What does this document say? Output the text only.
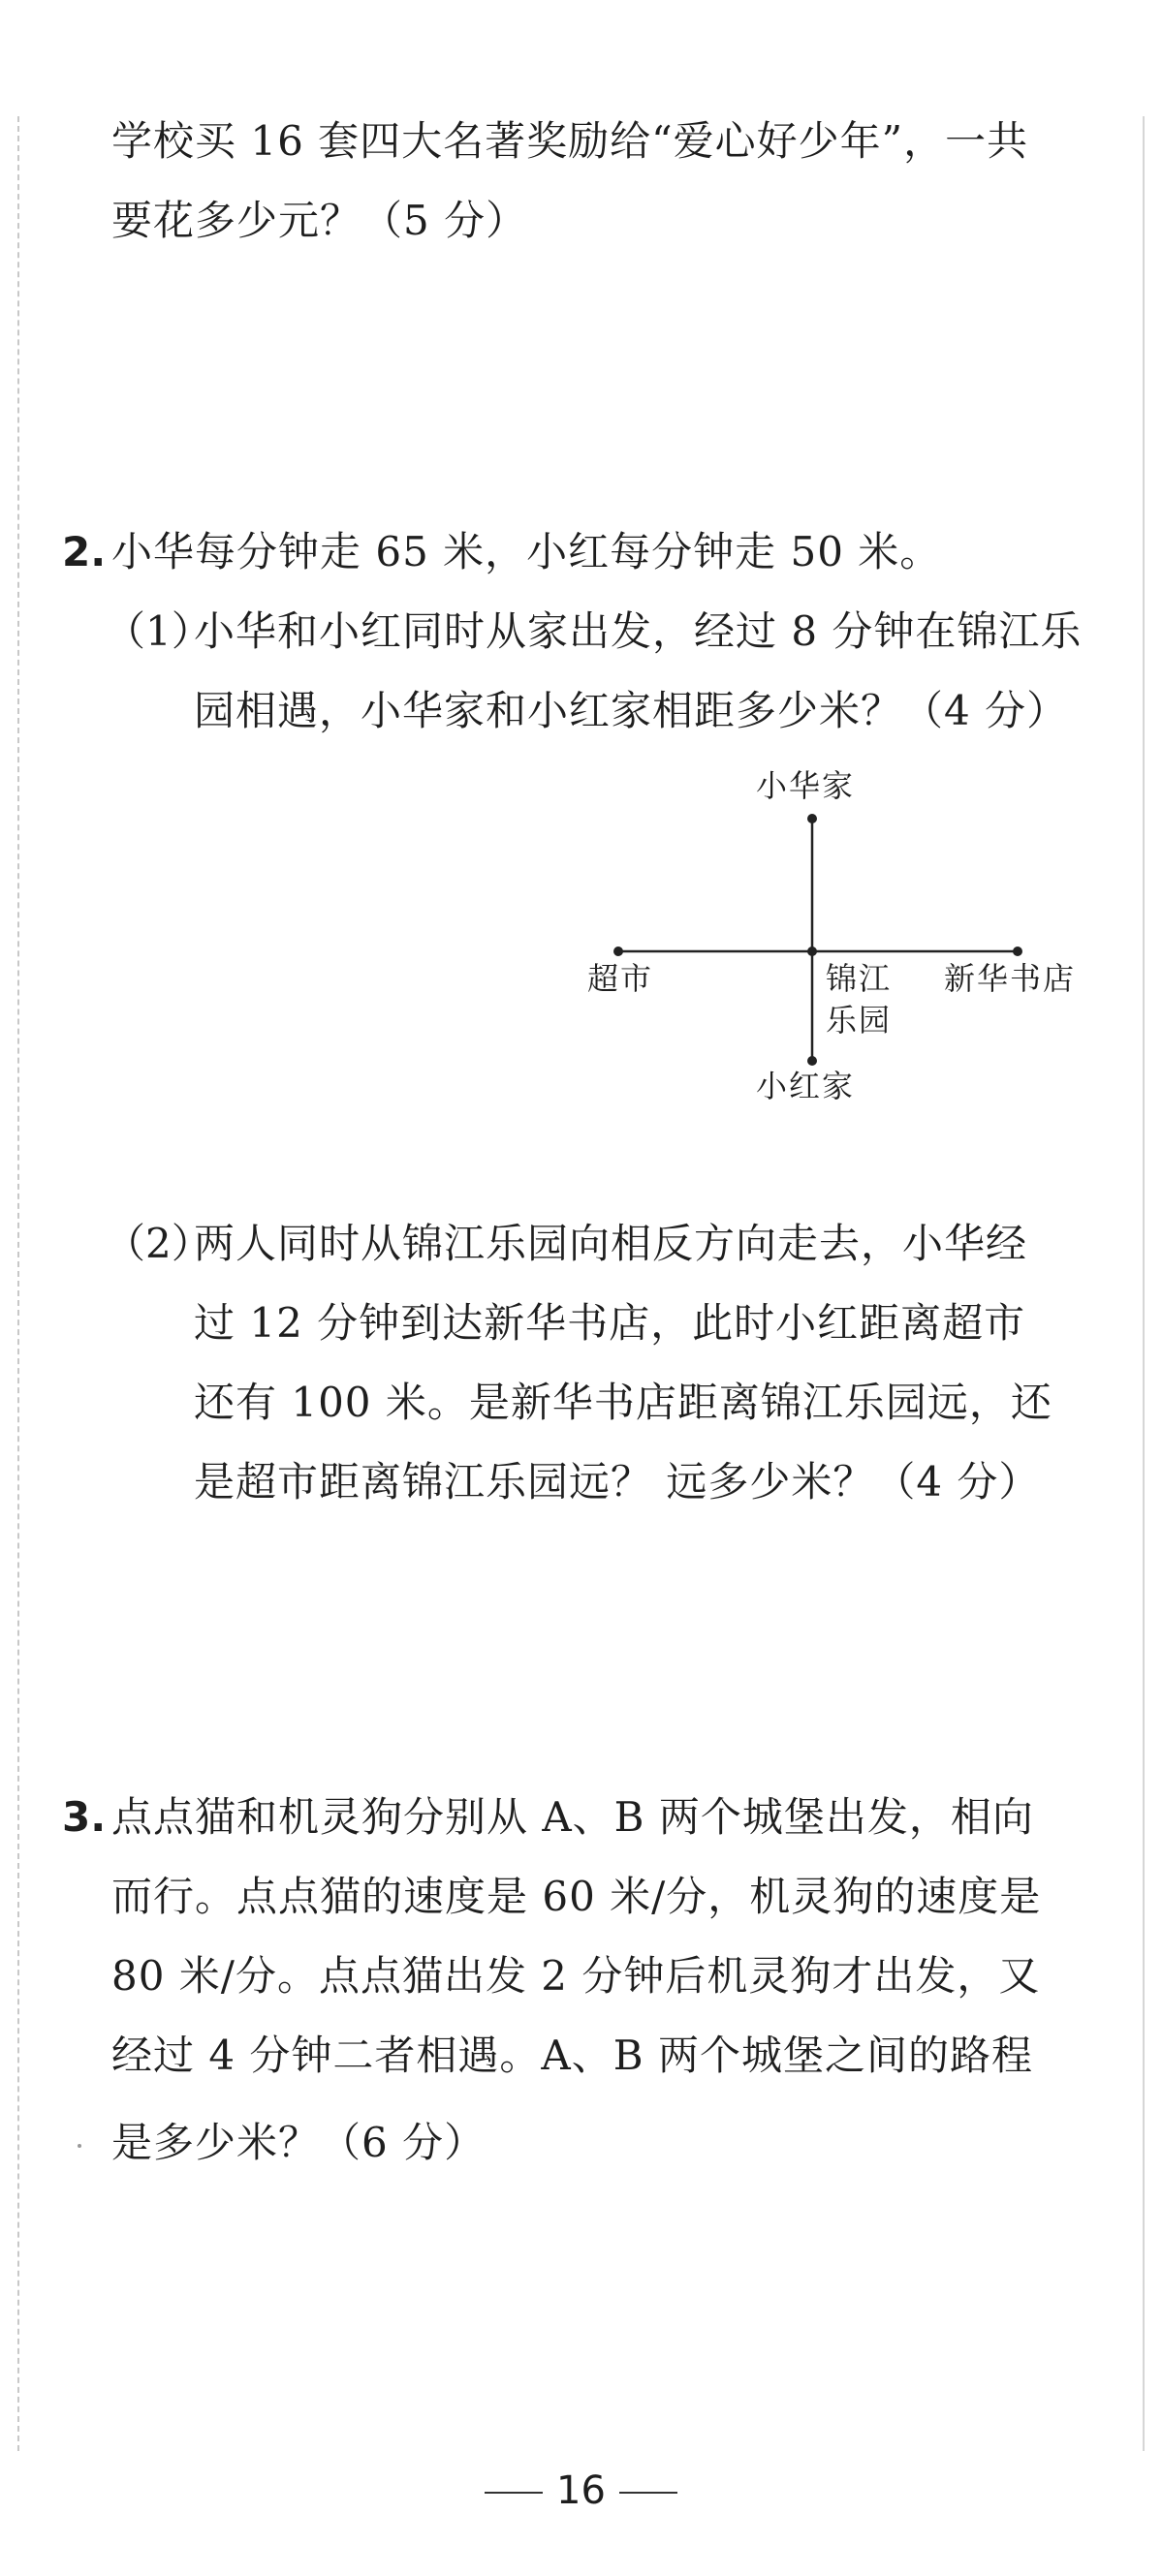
学校买 16 套四大名著奖励给“爱心好少年”，一共
要花多少元？（5 分）
2. 小华每分钟走 65 米，小红每分钟走 50 米。
（1）
小华和小红同时从家出发，经过 8 分钟在锦江乐
园相遇，小华家和小红家相距多少米？（4 分）
小华家
超市	锦江
乐园
新华书店
小红家
（2）
两人同时从锦江乐园向相反方向走去，小华经
过 12 分钟到达新华书店，此时小红距离超市
还有 100 米。是新华书店距离锦江乐园远，还
是超市距离锦江乐园远？ 远多少米？（4 分）
3. 点点猫和机灵狗分别从 A、B 两个城堡出发，相向
而行。点点猫的速度是 60 米/分，机灵狗的速度是
80 米/分。点点猫出发 2 分钟后机灵狗才出发，又
经过 4 分钟二者相遇。A、B 两个城堡之间的路程
是多少米？（6 分）
16
